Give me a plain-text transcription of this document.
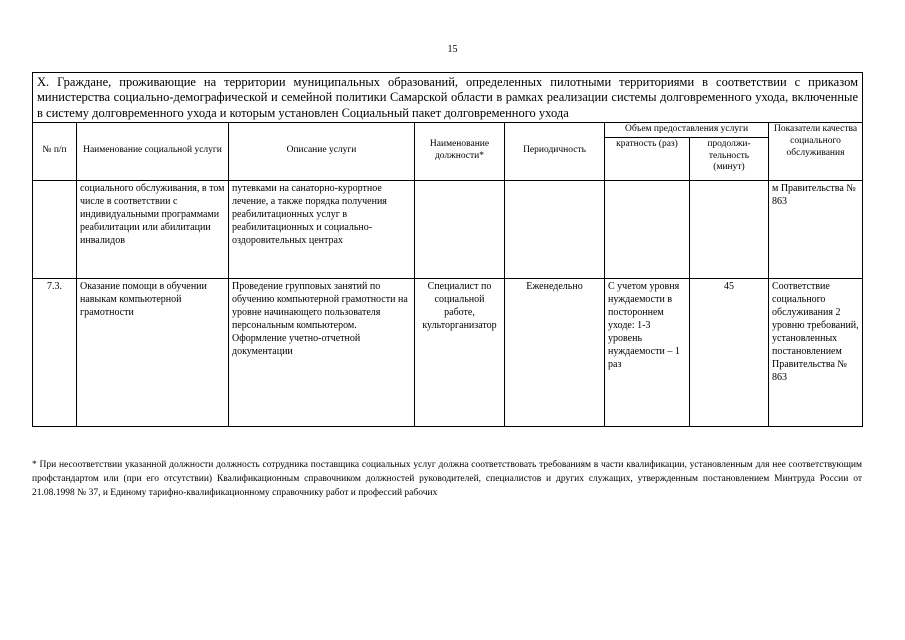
15
X. Граждане, проживающие на территории муниципальных образований, определенных пилотными территориями в соответствии с приказом министерства социально-демографической и семейной политики Самарской области в рамках реализации системы долговременного ухода, включенные в систему долговременного ухода и которым установлен Социальный пакет долговременного ухода							
№ п/п	Наименование социальной услуги	Описание услуги	Наименование должности*	Периодичность	Объем предоставления услуги		Показатели качества социального обслуживания
					кратность (раз)	продолжи-тельность (минут)	
	социального обслуживания, в том числе в соответствии с индивидуальными программами реабилитации или абилитации инвалидов	путевками на санаторно-курортное лечение, а также порядка получения реабилитационных услуг в реабилитационных и социально-оздоровительных центрах					м Правительства № 863
7.3.	Оказание помощи в обучении навыкам компьютерной грамотности	Проведение групповых занятий по обучению компьютерной грамотности на уровне начинающего пользователя персональным компьютером. Оформление учетно-отчетной документации	Специалист по социальной работе, культорганизатор	Еженедельно	С учетом уровня нуждаемости в постороннем уходе: 1-3 уровень нуждаемости – 1 раз	45	Соответствие социального обслуживания 2 уровню требований, установленных постановлением Правительства № 863
* При несоответствии указанной должности должность сотрудника поставщика социальных услуг должна соответствовать требованиям в части квалификации, установленным для нее соответствующим профстандартом или (при его отсутствии) Квалификационным справочником должностей руководителей, специалистов и других служащих, утвержденным постановлением Минтруда России от 21.08.1998 № 37, и Единому тарифно-квалификационному справочнику работ и профессий рабочих
